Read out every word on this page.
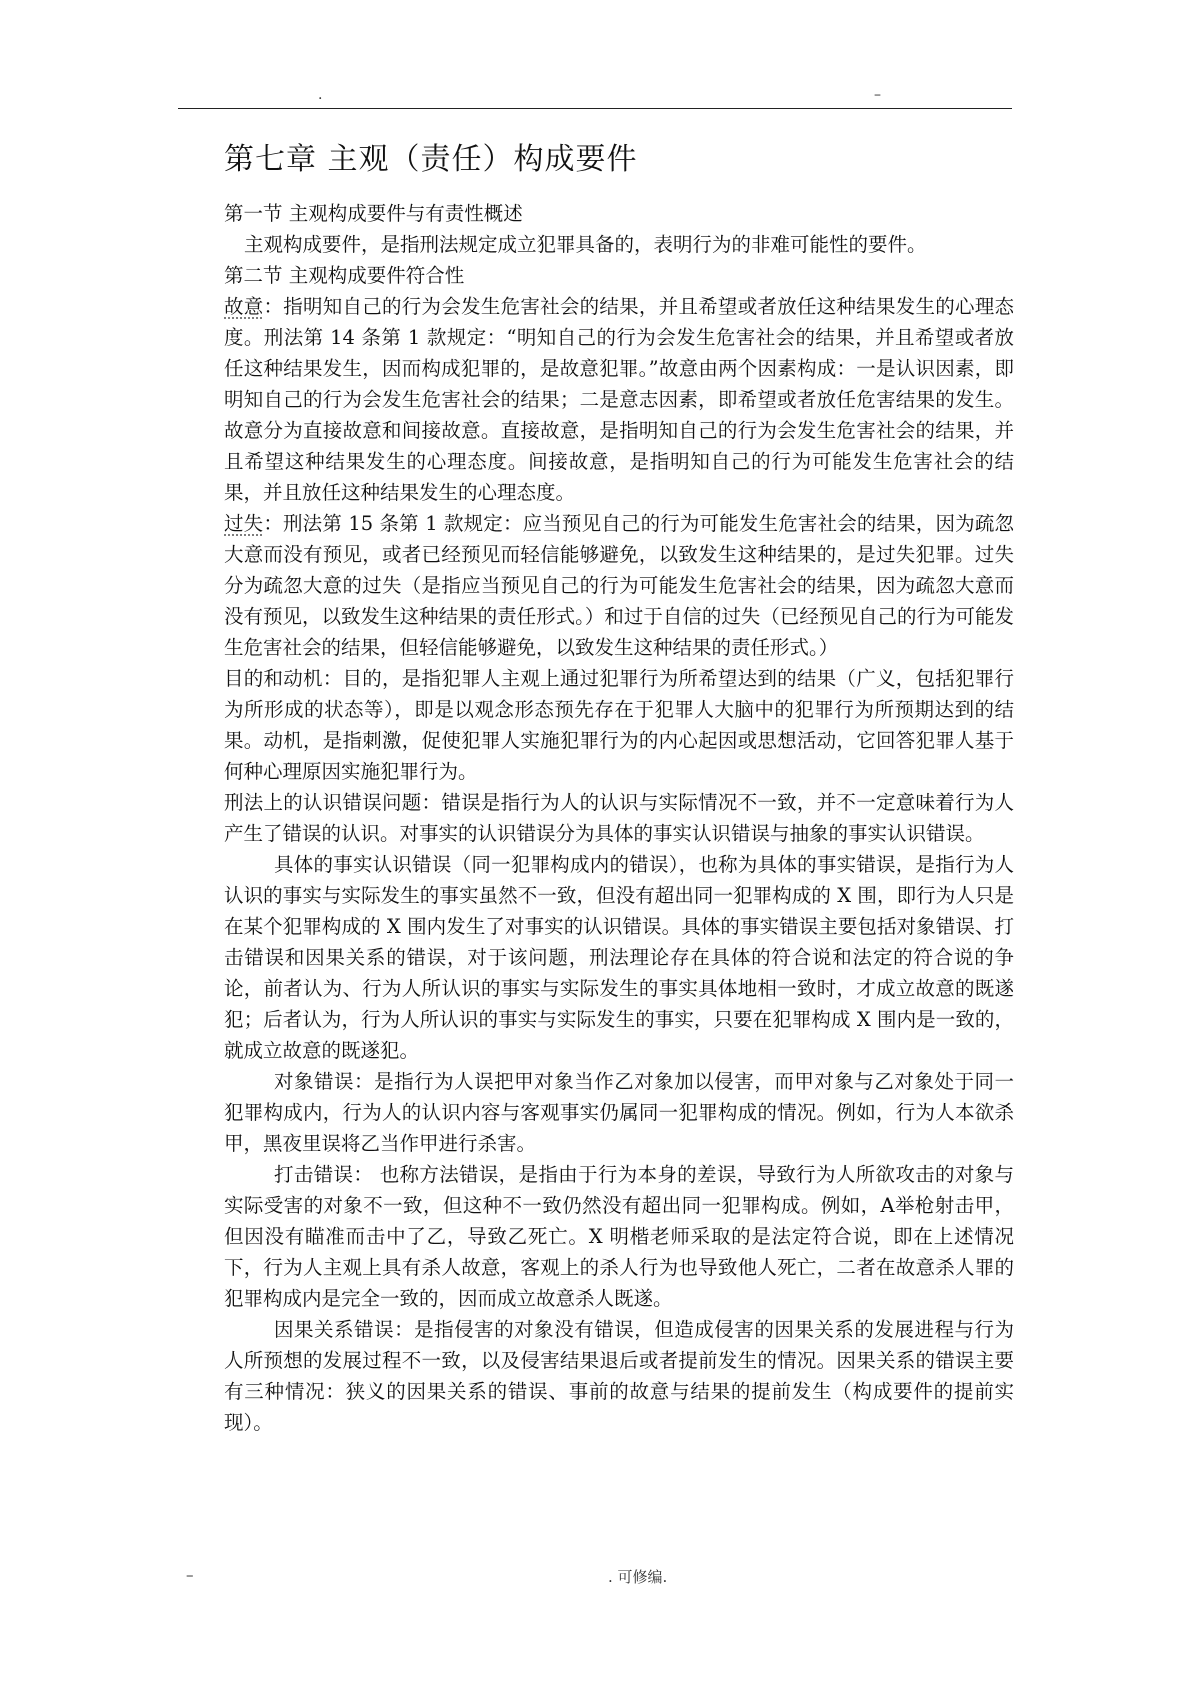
.	–
第七章 主观（责任）构成要件

第一节 主观构成要件与有责性概述

主观构成要件，是指刑法规定成立犯罪具备的，表明行为的非难可能性的要件。

第二节 主观构成要件符合性

故意：指明知自己的行为会发生危害社会的结果，并且希望或者放任这种结果发生的心理态度。刑法第 14 条第 1 款规定：“明知自己的行为会发生危害社会的结果，并且希望或者放任这种结果发生，因而构成犯罪的，是故意犯罪。”故意由两个因素构成：一是认识因素，即明知自己的行为会发生危害社会的结果；二是意志因素，即希望或者放任危害结果的发生。故意分为直接故意和间接故意。直接故意，是指明知自己的行为会发生危害社会的结果，并且希望这种结果发生的心理态度。间接故意，是指明知自己的行为可能发生危害社会的结果，并且放任这种结果发生的心理态度。

过失：刑法第 15 条第 1 款规定：应当预见自己的行为可能发生危害社会的结果，因为疏忽大意而没有预见，或者已经预见而轻信能够避免，以致发生这种结果的，是过失犯罪。过失分为疏忽大意的过失（是指应当预见自己的行为可能发生危害社会的结果，因为疏忽大意而没有预见，以致发生这种结果的责任形式。）和过于自信的过失（已经预见自己的行为可能发生危害社会的结果，但轻信能够避免，以致发生这种结果的责任形式。）

目的和动机：目的，是指犯罪人主观上通过犯罪行为所希望达到的结果（广义，包括犯罪行为所形成的状态等），即是以观念形态预先存在于犯罪人大脑中的犯罪行为所预期达到的结果。动机，是指刺激，促使犯罪人实施犯罪行为的内心起因或思想活动，它回答犯罪人基于何种心理原因实施犯罪行为。

刑法上的认识错误问题：错误是指行为人的认识与实际情况不一致，并不一定意味着行为人产生了错误的认识。对事实的认识错误分为具体的事实认识错误与抽象的事实认识错误。

具体的事实认识错误（同一犯罪构成内的错误），也称为具体的事实错误，是指行为人认识的事实与实际发生的事实虽然不一致，但没有超出同一犯罪构成的 X 围，即行为人只是在某个犯罪构成的 X 围内发生了对事实的认识错误。具体的事实错误主要包括对象错误、打击错误和因果关系的错误，对于该问题，刑法理论存在具体的符合说和法定的符合说的争论，前者认为、行为人所认识的事实与实际发生的事实具体地相一致时，才成立故意的既遂犯；后者认为，行为人所认识的事实与实际发生的事实，只要在犯罪构成 X 围内是一致的，就成立故意的既遂犯。

对象错误：是指行为人误把甲对象当作乙对象加以侵害，而甲对象与乙对象处于同一犯罪构成内，行为人的认识内容与客观事实仍属同一犯罪构成的情况。例如，行为人本欲杀甲，黑夜里误将乙当作甲进行杀害。

打击错误： 也称方法错误，是指由于行为本身的差误，导致行为人所欲攻击的对象与实际受害的对象不一致，但这种不一致仍然没有超出同一犯罪构成。例如，A举枪射击甲，但因没有瞄准而击中了乙，导致乙死亡。X 明楷老师采取的是法定符合说，即在上述情况下，行为人主观上具有杀人故意，客观上的杀人行为也导致他人死亡，二者在故意杀人罪的犯罪构成内是完全一致的，因而成立故意杀人既遂。

因果关系错误：是指侵害的对象没有错误，但造成侵害的因果关系的发展进程与行为人所预想的发展过程不一致，以及侵害结果退后或者提前发生的情况。因果关系的错误主要有三种情况：狭义的因果关系的错误、事前的故意与结果的提前发生（构成要件的提前实现）。

–	. 可修编.
